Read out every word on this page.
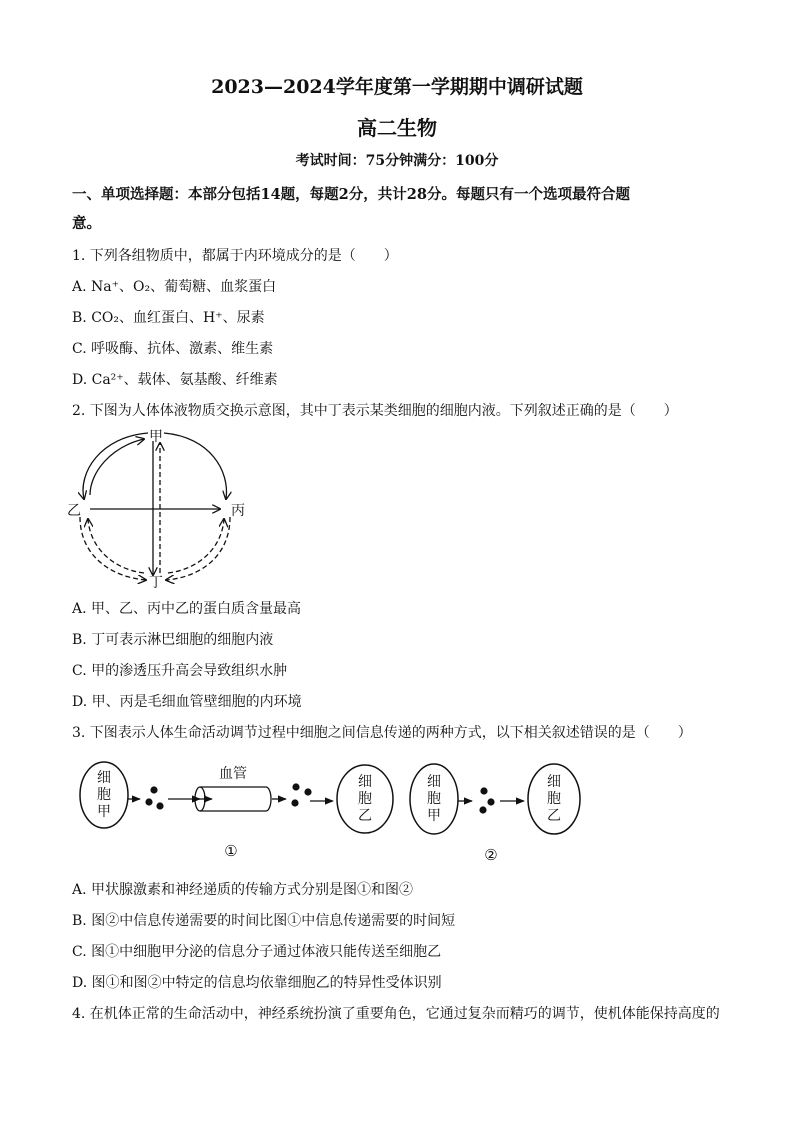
2023—2024学年度第一学期期中调研试题
高二生物
考试时间：75分钟满分：100分
一、单项选择题：本部分包括14题，每题2分，共计28分。每题只有一个选项最符合题
意。
1. 下列各组物质中，都属于内环境成分的是（　　）
A. Na⁺、O₂、葡萄糖、血浆蛋白
B. CO₂、血红蛋白、H⁺、尿素
C. 呼吸酶、抗体、激素、维生素
D. Ca²⁺、载体、氨基酸、纤维素
2. 下图为人体体液物质交换示意图，其中丁表示某类细胞的细胞内液。下列叙述正确的是（　　）
甲
乙	丙
丁
A. 甲、乙、丙中乙的蛋白质含量最高
B. 丁可表示淋巴细胞的细胞内液
C. 甲的渗透压升高会导致组织水肿
D. 甲、丙是毛细血管壁细胞的内环境
3. 下图表示人体生命活动调节过程中细胞之间信息传递的两种方式，以下相关叙述错误的是（　　）
细
胞
甲
血管	细
胞
乙
①
细
胞
甲
细
胞
乙
②
A. 甲状腺激素和神经递质的传输方式分别是图①和图②
B. 图②中信息传递需要的时间比图①中信息传递需要的时间短
C. 图①中细胞甲分泌的信息分子通过体液只能传送至细胞乙
D. 图①和图②中特定的信息均依靠细胞乙的特异性受体识别
4. 在机体正常的生命活动中，神经系统扮演了重要角色，它通过复杂而精巧的调节，使机体能保持高度的
